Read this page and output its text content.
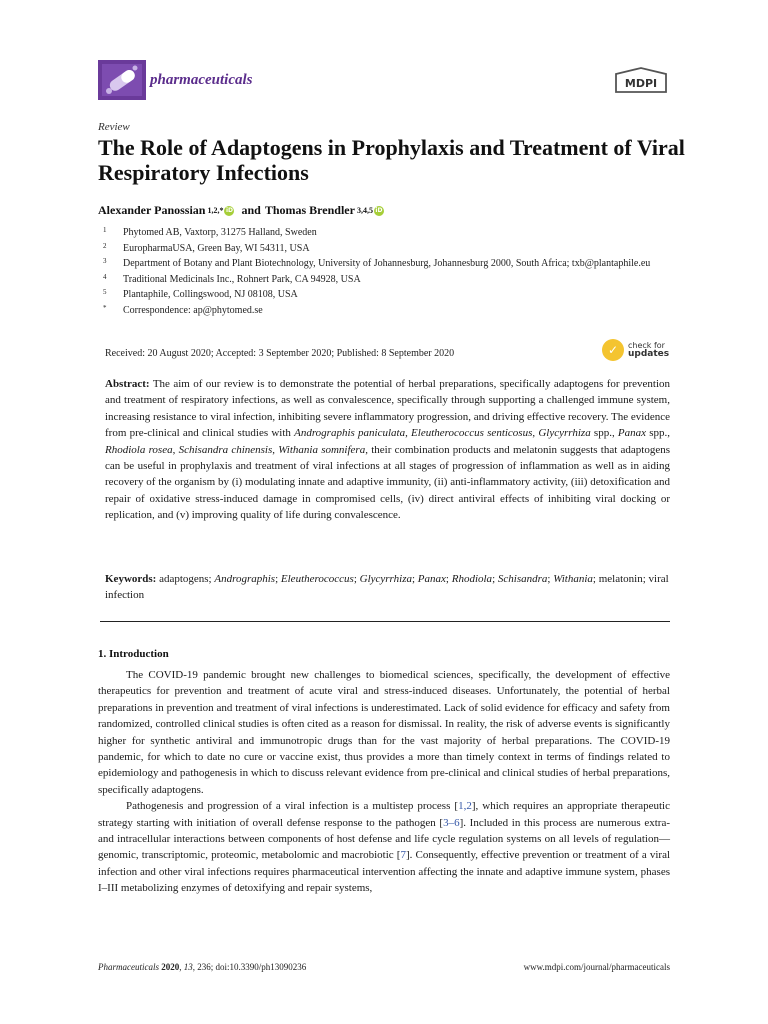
pharmaceuticals	MDPI
Review
The Role of Adaptogens in Prophylaxis and Treatment of Viral Respiratory Infections
Alexander Panossian 1,2,* iD and Thomas Brendler 3,4,5 iD
1	Phytomed AB, Vaxtorp, 31275 Halland, Sweden
2	EuropharmaUSA, Green Bay, WI 54311, USA
3	Department of Botany and Plant Biotechnology, University of Johannesburg, Johannesburg 2000, South Africa; txb@plantaphile.eu
4	Traditional Medicinals Inc., Rohnert Park, CA 94928, USA
5	Plantaphile, Collingswood, NJ 08108, USA
*	Correspondence: ap@phytomed.se
Received: 20 August 2020; Accepted: 3 September 2020; Published: 8 September 2020	✓	check for
updates

Abstract: The aim of our review is to demonstrate the potential of herbal preparations, specifically adaptogens for prevention and treatment of respiratory infections, as well as convalescence, specifically through supporting a challenged immune system, increasing resistance to viral infection, inhibiting severe inflammatory progression, and driving effective recovery. The evidence from pre-clinical and clinical studies with Andrographis paniculata, Eleutherococcus senticosus, Glycyrrhiza spp., Panax spp., Rhodiola rosea, Schisandra chinensis, Withania somnifera, their combination products and melatonin suggests that adaptogens can be useful in prophylaxis and treatment of viral infections at all stages of progression of inflammation as well as in aiding recovery of the organism by (i) modulating innate and adaptive immunity, (ii) anti-inflammatory activity, (iii) detoxification and repair of oxidative stress-induced damage in compromised cells, (iv) direct antiviral effects of inhibiting viral docking or replication, and (v) improving quality of life during convalescence.

Keywords: adaptogens; Andrographis; Eleutherococcus; Glycyrrhiza; Panax; Rhodiola; Schisandra; Withania; melatonin; viral infection

1. Introduction

The COVID-19 pandemic brought new challenges to biomedical sciences, specifically, the development of effective therapeutics for prevention and treatment of acute viral and stress-induced diseases. Unfortunately, the potential of herbal preparations in prevention and treatment of viral infections is underestimated. Lack of solid evidence for efficacy and safety from randomized, controlled clinical studies is often cited as a reason for dismissal. In reality, the risk of adverse events is significantly higher for synthetic antiviral and immunotropic drugs than for the vast majority of herbal preparations. The COVID-19 pandemic, for which to date no cure or vaccine exist, thus provides a more than timely context in terms of findings related to epidemiology and pathogenesis in which to discuss relevant evidence from pre-clinical and clinical studies of herbal preparations, specifically adaptogens.

Pathogenesis and progression of a viral infection is a multistep process [1,2], which requires an appropriate therapeutic strategy starting with initiation of overall defense response to the pathogen [3–6]. Included in this process are numerous extra- and intracellular interactions between components of host defense and life cycle regulation systems on all levels of regulation—genomic, transcriptomic, proteomic, metabolomic and macrobiotic [7]. Consequently, effective prevention or treatment of a viral infection and other viral infections requires pharmaceutical intervention affecting the innate and adaptive immune system, phases I–III metabolizing enzymes of detoxifying and repair systems,

Pharmaceuticals 2020, 13, 236; doi:10.3390/ph13090236	www.mdpi.com/journal/pharmaceuticals
